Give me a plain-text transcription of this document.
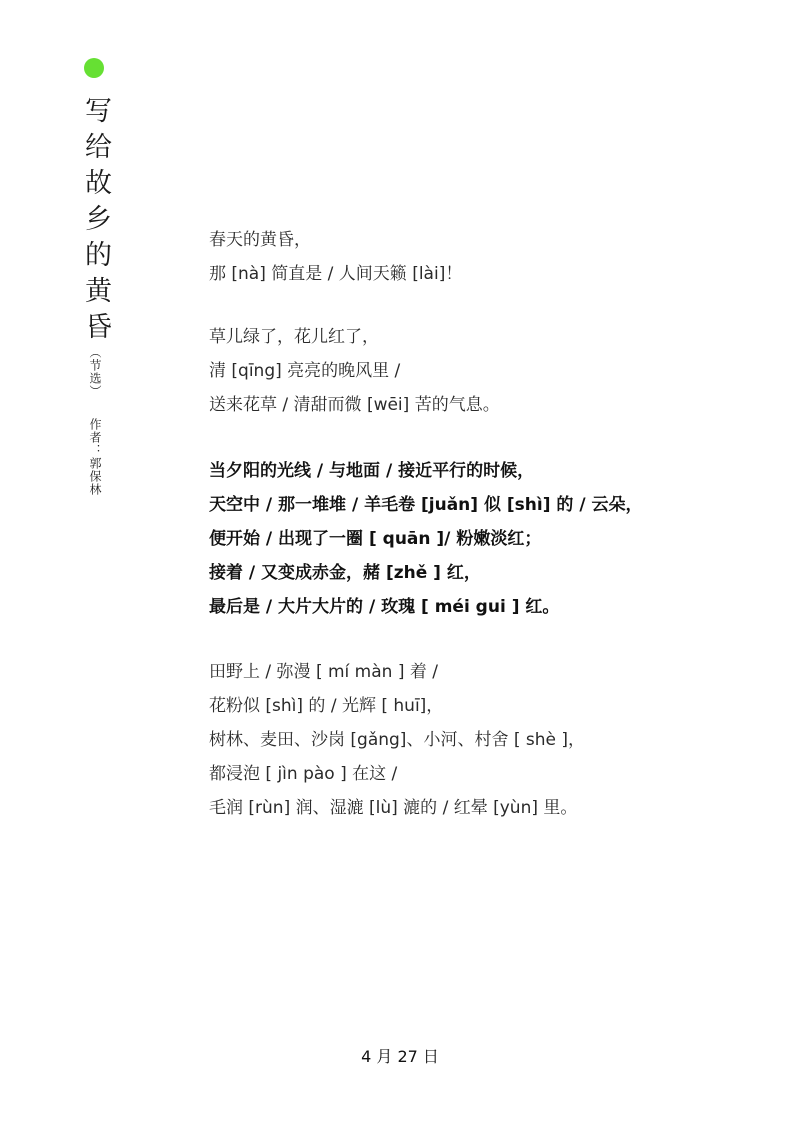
写给故乡的黄昏
（节选）
作者：郭保林
春天的黄昏，
那 [nà] 简直是 / 人间天籁 [lài]！
草儿绿了，花儿红了，
清 [qīng] 亮亮的晚风里 /
送来花草 / 清甜而微 [wēi] 苦的气息。
当夕阳的光线 / 与地面 / 接近平行的时候，
天空中 / 那一堆堆 / 羊毛卷 [juǎn] 似 [shì] 的 / 云朵，
便开始 / 出现了一圈 [ quān ]/ 粉嫩淡红；
接着 / 又变成赤金，赭 [zhě ] 红，
最后是 / 大片大片的 / 玫瑰 [ méi gui ] 红。
田野上 / 弥漫 [ mí màn ] 着 /
花粉似 [shì] 的 / 光辉 [ huī]，
树林、麦田、沙岗 [gǎng]、小河、村舍 [ shè ]，
都浸泡 [ jìn pào ] 在这 /
毛润 [rùn] 润、湿漉 [lù] 漉的 / 红晕 [yùn] 里。
4 月 27 日
